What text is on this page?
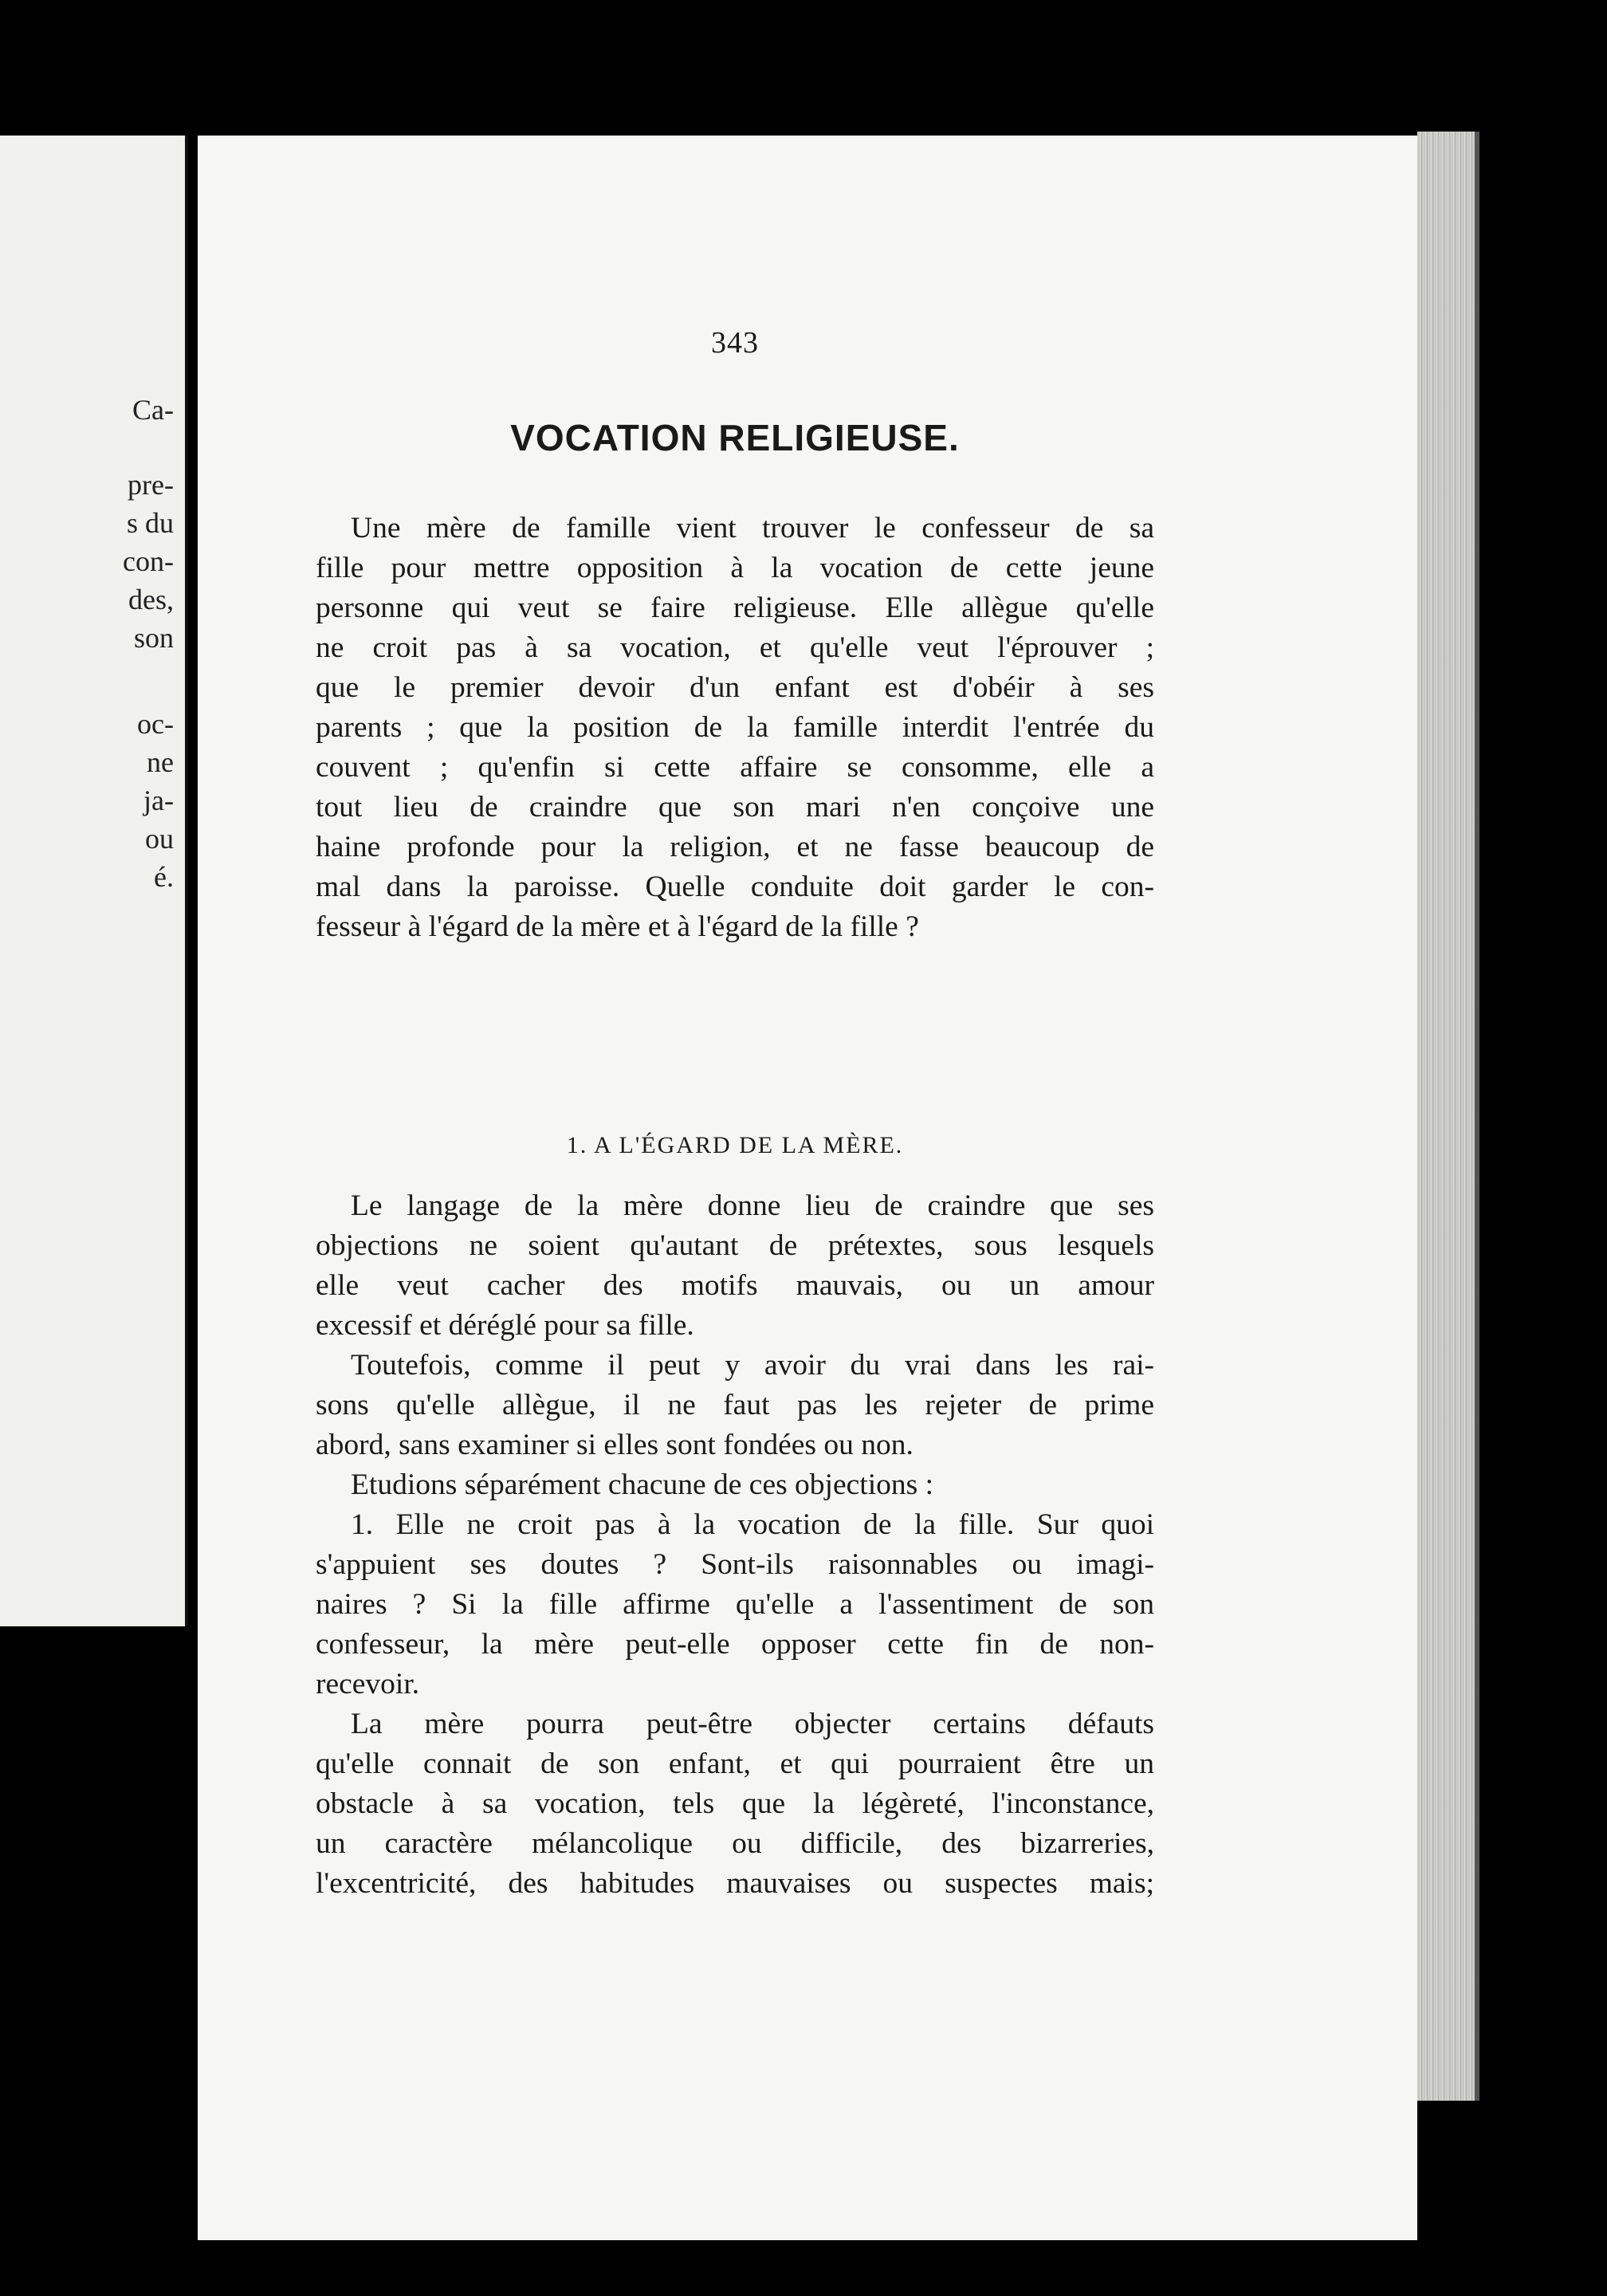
Ca-
pre-
s du
con-
des,
son
oc-
ne
ja-
ou
é.
343
VOCATION RELIGIEUSE.
Une mère de famille vient trouver le confesseur de sa
fille pour mettre opposition à la vocation de cette jeune
personne qui veut se faire religieuse. Elle allègue qu'elle
ne croit pas à sa vocation, et qu'elle veut l'éprouver ;
que le premier devoir d'un enfant est d'obéir à ses
parents ; que la position de la famille interdit l'entrée du
couvent ; qu'enfin si cette affaire se consomme, elle a
tout lieu de craindre que son mari n'en conçoive une
haine profonde pour la religion, et ne fasse beaucoup de
mal dans la paroisse. Quelle conduite doit garder le con-
fesseur à l'égard de la mère et à l'égard de la fille ?
1. A L'ÉGARD DE LA MÈRE.
Le langage de la mère donne lieu de craindre que ses
objections ne soient qu'autant de prétextes, sous lesquels
elle veut cacher des motifs mauvais, ou un amour
excessif et déréglé pour sa fille.
Toutefois, comme il peut y avoir du vrai dans les rai-
sons qu'elle allègue, il ne faut pas les rejeter de prime
abord, sans examiner si elles sont fondées ou non.
Etudions séparément chacune de ces objections :
1. Elle ne croit pas à la vocation de la fille. Sur quoi
s'appuient ses doutes ? Sont-ils raisonnables ou imagi-
naires ? Si la fille affirme qu'elle a l'assentiment de son
confesseur, la mère peut-elle opposer cette fin de non-
recevoir.
La mère pourra peut-être objecter certains défauts
qu'elle connait de son enfant, et qui pourraient être un
obstacle à sa vocation, tels que la légèreté, l'inconstance,
un caractère mélancolique ou difficile, des bizarreries,
l'excentricité, des habitudes mauvaises ou suspectes mais;
